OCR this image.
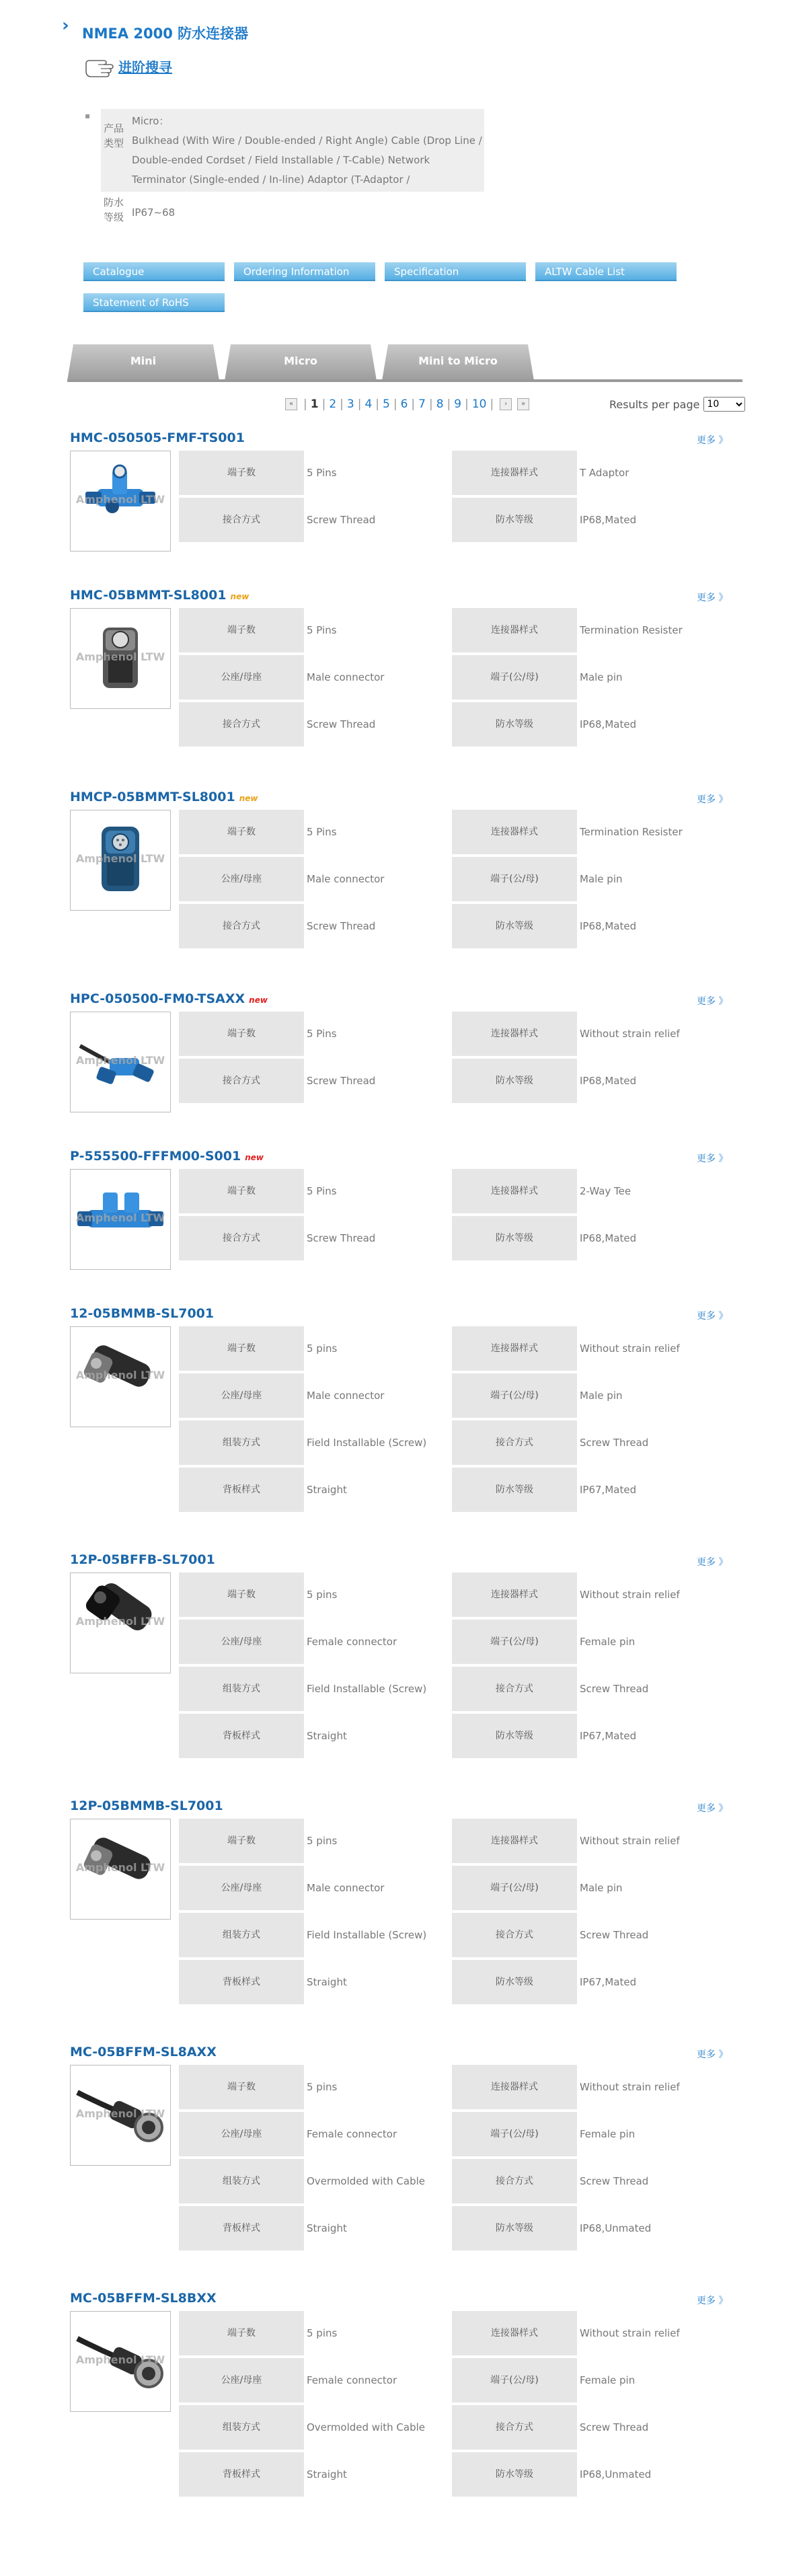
› NMEA 2000 防水连接器
进阶搜寻
▪
产品类型
Micro：
Bulkhead (With Wire / Double-ended / Right Angle) Cable (Drop Line /
Double-ended Cordset / Field Installable / T-Cable) Network
Terminator (Single-ended / In-line) Adaptor (T-Adaptor /
防水等级 IP67~68
Catalogue	Ordering Information	Specification	ALTW Cable List
Statement of RoHS
Mini	Micro	Mini to Micro
« | 1 | 2 | 3 | 4 | 5 | 6 | 7 | 8 | 9 | 10 |	›	»	Results per page
10
HMC-050505-FMF-TS001	更多 》
Amphenol LTW
端子数	5 Pins	连接器样式	T Adaptor
接合方式	Screw Thread	防水等级	IP68,Mated
HMC-05BMMT-SL8001 new	更多 》
Amphenol LTW
端子数	5 Pins	连接器样式	Termination Resister
公座/母座	Male connector	端子(公/母)	Male pin
接合方式	Screw Thread	防水等级	IP68,Mated
HMCP-05BMMT-SL8001 new	更多 》
Amphenol LTW
端子数	5 Pins	连接器样式	Termination Resister
公座/母座	Male connector	端子(公/母)	Male pin
接合方式	Screw Thread	防水等级	IP68,Mated
HPC-050500-FM0-TSAXX new	更多 》
Amphenol LTW
端子数	5 Pins	连接器样式	Without strain relief
接合方式	Screw Thread	防水等级	IP68,Mated
P-555500-FFFM00-S001 new	更多 》
Amphenol LTW
端子数	5 Pins	连接器样式	2-Way Tee
接合方式	Screw Thread	防水等级	IP68,Mated
12-05BMMB-SL7001	更多 》
Amphenol LTW
端子数	5 pins	连接器样式	Without strain relief
公座/母座	Male connector	端子(公/母)	Male pin
组装方式	Field Installable (Screw)	接合方式	Screw Thread
背板样式	Straight	防水等级	IP67,Mated
12P-05BFFB-SL7001	更多 》
Amphenol LTW
端子数	5 pins	连接器样式	Without strain relief
公座/母座	Female connector	端子(公/母)	Female pin
组装方式	Field Installable (Screw)	接合方式	Screw Thread
背板样式	Straight	防水等级	IP67,Mated
12P-05BMMB-SL7001	更多 》
Amphenol LTW
端子数	5 pins	连接器样式	Without strain relief
公座/母座	Male connector	端子(公/母)	Male pin
组装方式	Field Installable (Screw)	接合方式	Screw Thread
背板样式	Straight	防水等级	IP67,Mated
MC-05BFFM-SL8AXX	更多 》
Amphenol LTW
端子数	5 pins	连接器样式	Without strain relief
公座/母座	Female connector	端子(公/母)	Female pin
组装方式	Overmolded with Cable	接合方式	Screw Thread
背板样式	Straight	防水等级	IP68,Unmated
MC-05BFFM-SL8BXX	更多 》
Amphenol LTW
端子数	5 pins	连接器样式	Without strain relief
公座/母座	Female connector	端子(公/母)	Female pin
组装方式	Overmolded with Cable	接合方式	Screw Thread
背板样式	Straight	防水等级	IP68,Unmated
